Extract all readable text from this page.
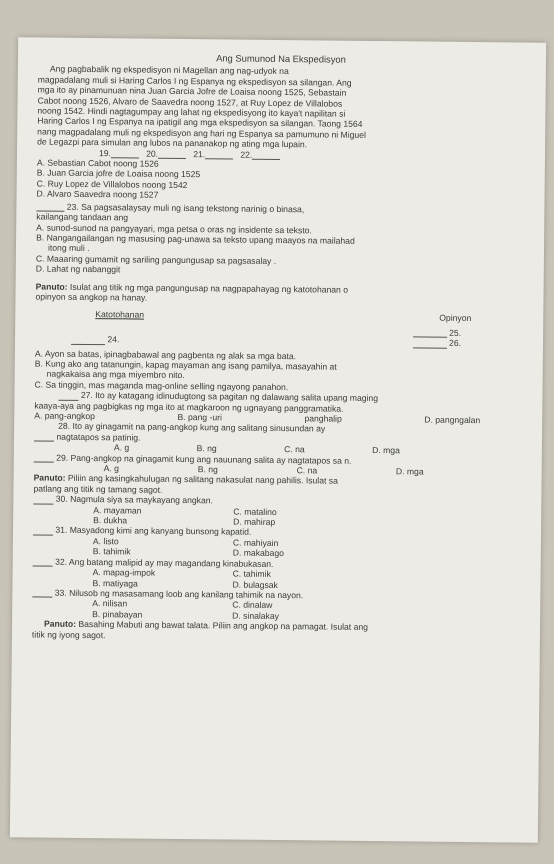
Ang Sumunod Na Ekspedisyon

Ang pagbabalik ng ekspedisyon ni Magellan ang nag-udyok na

magpadalang muli si Haring Carlos I ng Espanya ng ekspedisyon sa silangan. Ang

mga ito ay pinamunuan nina Juan Garcia Jofre de Loaisa noong 1525, Sebastain

Cabot noong 1526, Alvaro de Saavedra noong 1527, at Ruy Lopez de Villalobos

noong 1542. Hindi nagtagumpay ang lahat ng ekspedisyong ito kaya't napilitan si

Haring Carlos I ng Espanya na ipatigil ang mga ekspedisyon sa silangan. Taong 1564

nang magpadalang muli ng ekspedisyon ang hari ng Espanya sa pamumuno ni Miguel

de Legazpi para simulan ang lubos na pananakop ng ating mga lupain.

19.	20.	21.	22.

A. Sebastian Cabot noong 1526

B. Juan Garcia jofre de Loaisa noong 1525

C. Ruy Lopez de Villalobos noong 1542

D. Alvaro Saavedra noong 1527

23. Sa pagsasalaysay muli ng isang tekstong narinig o binasa,

kailangang tandaan ang

A. sunod-sunod na pangyayari, mga petsa o oras ng insidente sa teksto.

B. Nangangailangan ng masusing pag-unawa sa teksto upang maayos na mailahad

itong muli .

C. Maaaring gumamit ng sariling pangungusap sa pagsasalay .

D. Lahat ng nabanggit

Panuto: Isulat ang titik ng mga pangungusap na nagpapahayag ng katotohanan o

opinyon sa angkop na hanay.

Katotohanan	Opinyon
24.
25.
26.

A. Ayon sa batas, ipinagbabawal ang pagbenta ng alak sa mga bata.

B. Kung ako ang tatanungin, kapag mayaman ang isang pamilya, masayahin at

nagkakaisa ang mga miyembro nito.

C. Sa tinggin, mas maganda mag-online selling ngayong panahon.

27. Ito ay katagang idinudugtong sa pagitan ng dalawang salita upang maging

kaaya-aya ang pagbigkas ng mga ito at magkaroon ng ugnayang panggramatika.

A. pang-angkop	B. pang -uri	panghalip	D. pangngalan

28. Ito ay ginagamit na pang-angkop kung ang salitang sinusundan ay

nagtatapos sa patinig.

A. g	B. ng	C. na	D. mga

29. Pang-angkop na ginagamit kung ang nauunang salita ay nagtatapos sa n.

A. g	B. ng	C. na	D. mga

Panuto: Piliin ang kasingkahulugan ng salitang nakasulat nang pahilis. Isulat sa

patlang ang titik ng tamang sagot.

30. Nagmula siya sa maykayang angkan.

A. mayaman	C. matalino
B. dukha	D. mahirap

31. Masyadong kimi ang kanyang bunsong kapatid.

A. listo	C. mahiyain
B. tahimik	D. makabago

32. Ang batang malipid ay may magandang kinabukasan.

A. mapag-impok	C. tahimik
B. matiyaga	D. bulagsak

33. Nilusob ng masasamang loob ang kanilang tahimik na nayon.

A. nilisan	C. dinalaw
B. pinabayan	D. sinalakay

Panuto: Basahing Mabuti ang bawat talata. Piliin ang angkop na pamagat. Isulat ang

titik ng iyong sagot.
